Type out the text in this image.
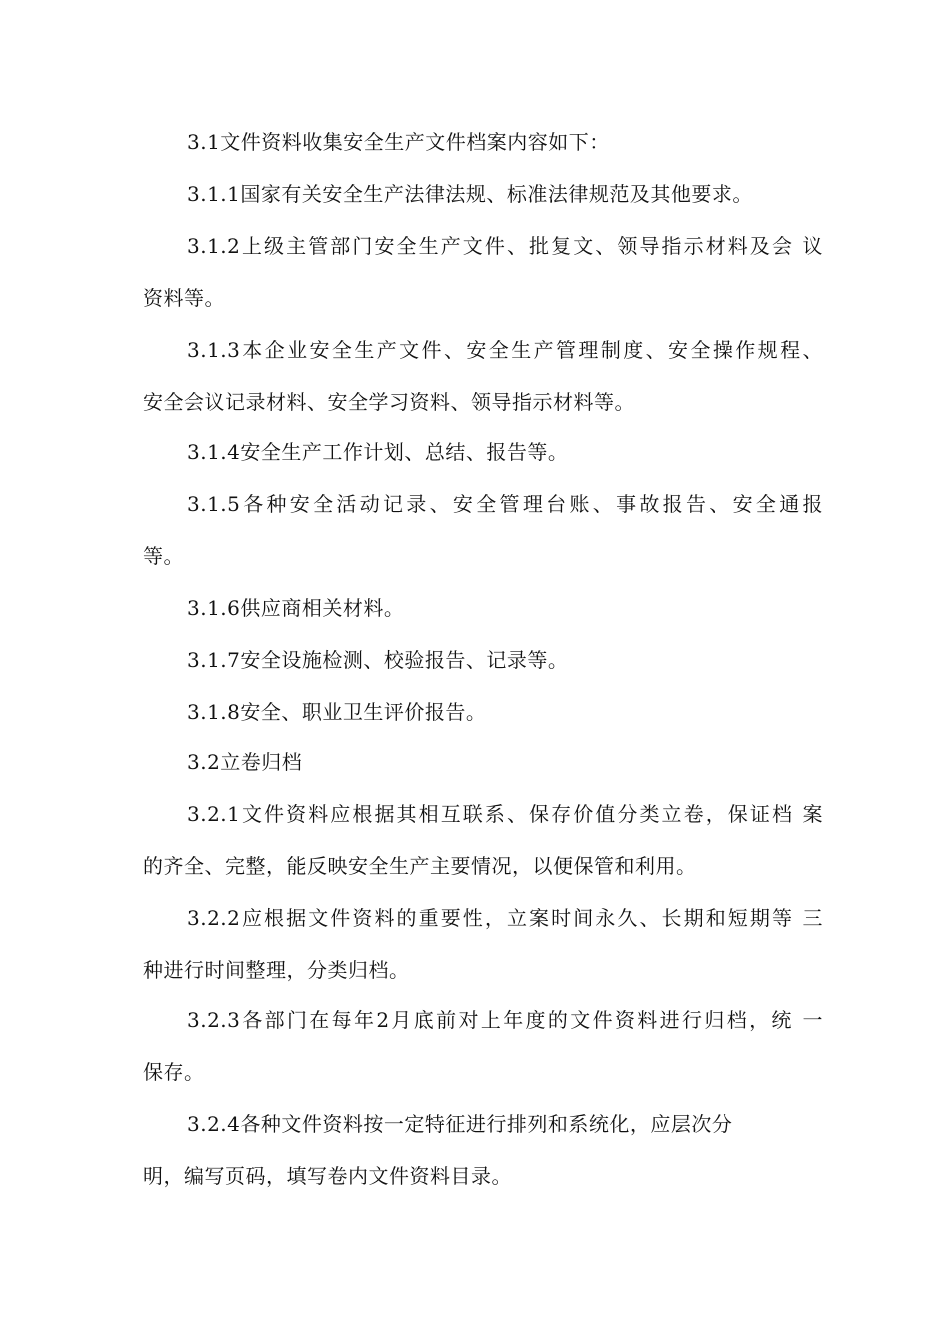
3.1文件资料收集安全生产文件档案内容如下：
3.1.1国家有关安全生产法律法规、标准法律规范及其他要求。
3.1.2上级主管部门安全生产文件、批复文、领导指示材料及会 议
资料等。
3.1.3本企业安全生产文件、安全生产管理制度、安全操作规程、
安全会议记录材料、安全学习资料、领导指示材料等。
3.1.4安全生产工作计划、总结、报告等。
3.1.5各种安全活动记录、安全管理台账、事故报告、安全通报
等。
3.1.6供应商相关材料。
3.1.7安全设施检测、校验报告、记录等。
3.1.8安全、职业卫生评价报告。
3.2立卷归档
3.2.1文件资料应根据其相互联系、保存价值分类立卷，保证档 案
的齐全、完整，能反映安全生产主要情况，以便保管和利用。
3.2.2应根据文件资料的重要性，立案时间永久、长期和短期等 三
种进行时间整理，分类归档。
3.2.3各部门在每年2月底前对上年度的文件资料进行归档，统 一
保存。
3.2.4各种文件资料按一定特征进行排列和系统化，应层次分
明，编写页码，填写卷内文件资料目录。
